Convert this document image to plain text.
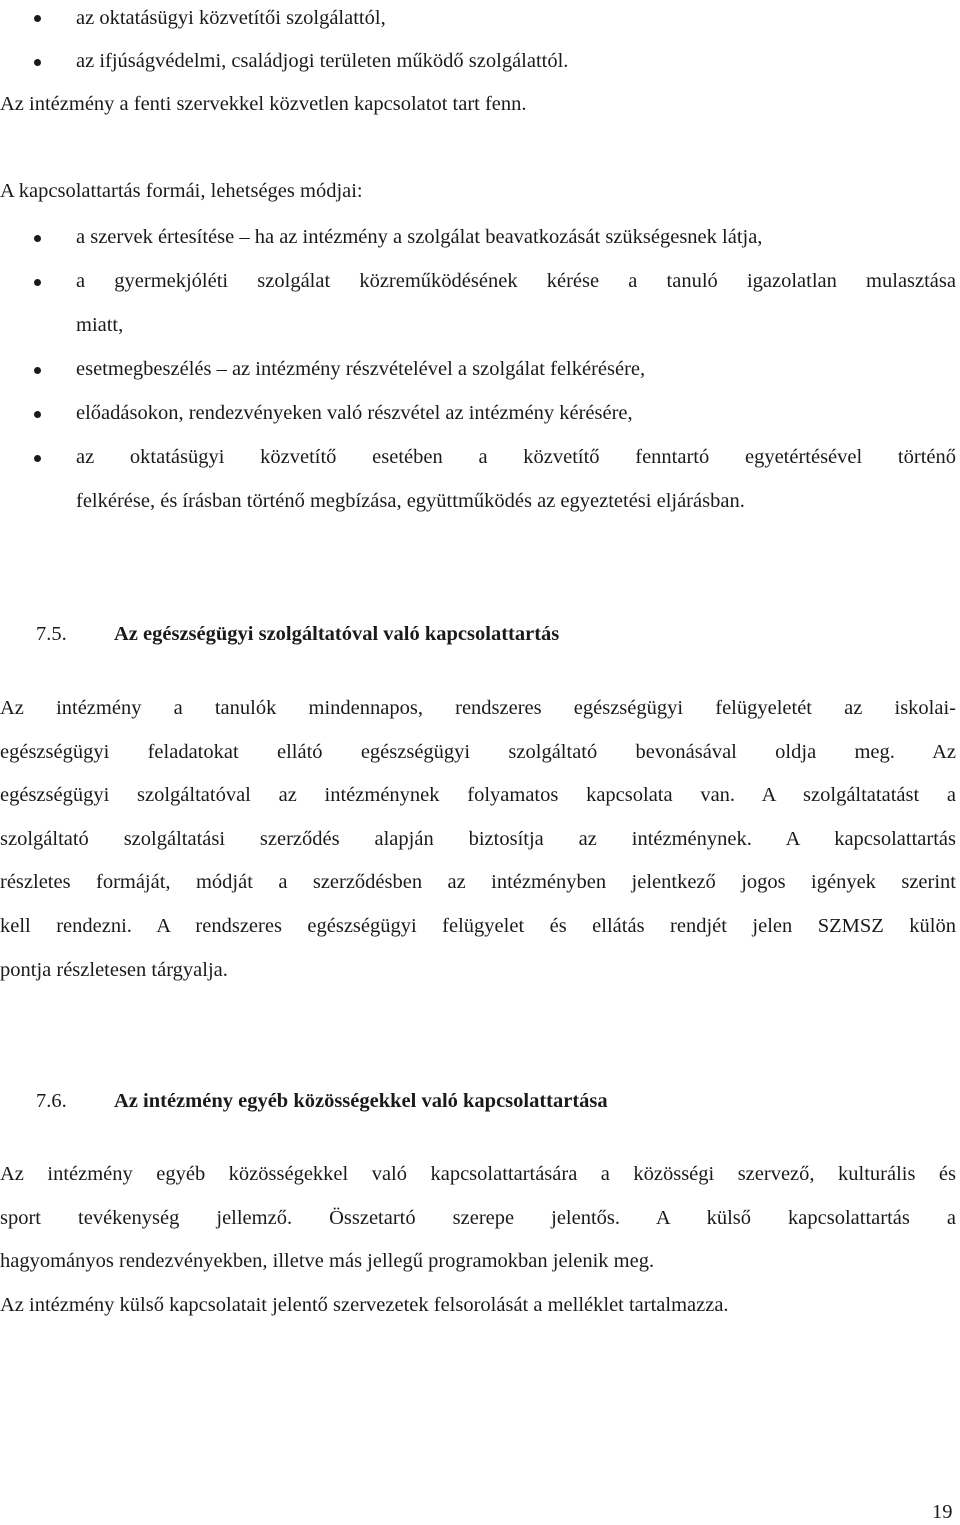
az oktatásügyi közvetítői szolgálattól,
az ifjúságvédelmi, családjogi területen működő szolgálattól.
Az intézmény a fenti szervekkel közvetlen kapcsolatot tart fenn.
A kapcsolattartás formái, lehetséges módjai:
a szervek értesítése – ha az intézmény a szolgálat beavatkozását szükségesnek látja,
a gyermekjóléti szolgálat közreműködésének kérése a tanuló igazolatlan mulasztása
miatt,
esetmegbeszélés – az intézmény részvételével a szolgálat felkérésére,
előadásokon, rendezvényeken való részvétel az intézmény kérésére,
az oktatásügyi közvetítő esetében a közvetítő fenntartó egyetértésével történő
felkérése, és írásban történő megbízása, együttműködés az egyeztetési eljárásban.
7.5. Az egészségügyi szolgáltatóval való kapcsolattartás
Az intézmény a tanulók mindennapos, rendszeres egészségügyi felügyeletét az iskolai-
egészségügyi feladatokat ellátó egészségügyi szolgáltató bevonásával oldja meg. Az
egészségügyi szolgáltatóval az intézménynek folyamatos kapcsolata van. A szolgáltatatást a
szolgáltató szolgáltatási szerződés alapján biztosítja az intézménynek. A kapcsolattartás
részletes formáját, módját a szerződésben az intézményben jelentkező jogos igények szerint
kell rendezni. A rendszeres egészségügyi felügyelet és ellátás rendjét jelen SZMSZ külön
pontja részletesen tárgyalja.
7.6. Az intézmény egyéb közösségekkel való kapcsolattartása
Az intézmény egyéb közösségekkel való kapcsolattartására a közösségi szervező, kulturális és
sport tevékenység jellemző. Összetartó szerepe jelentős. A külső kapcsolattartás a
hagyományos rendezvényekben, illetve más jellegű programokban jelenik meg.
Az intézmény külső kapcsolatait jelentő szervezetek felsorolását a melléklet tartalmazza.
19
